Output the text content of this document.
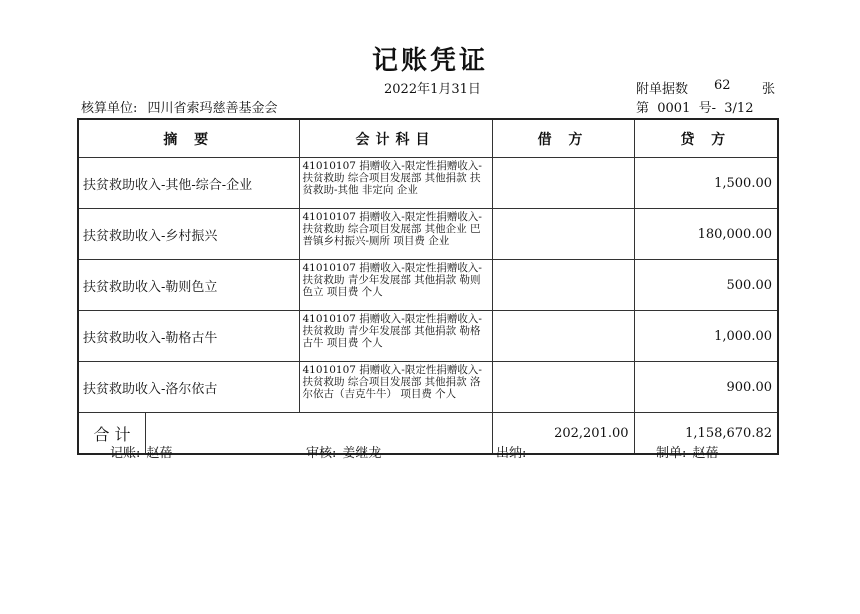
记账凭证
2022年1月31日	附单据数 62 张
核算单位: 四川省索玛慈善基金会	第  0001  号-  3/12
摘 要	会计科目	借 方	贷 方
扶贫救助收入-其他-综合-企业	41010107 捐赠收入-限定性捐赠收入-扶贫救助 综合项目发展部 其他捐款 扶贫救助-其他 非定向 企业		1,500.00
扶贫救助收入-乡村振兴	41010107 捐赠收入-限定性捐赠收入-扶贫救助 综合项目发展部 其他企业 巴普镇乡村振兴-厕所 项目费 企业		180,000.00
扶贫救助收入-勒则色立	41010107 捐赠收入-限定性捐赠收入-扶贫救助 青少年发展部 其他捐款 勒则色立 项目费 个人		500.00
扶贫救助收入-勒格古牛	41010107 捐赠收入-限定性捐赠收入-扶贫救助 青少年发展部 其他捐款 勒格古牛 项目费 个人		1,000.00
扶贫救助收入-洛尔依古	41010107 捐赠收入-限定性捐赠收入-扶贫救助 综合项目发展部 其他捐款 洛尔依古（吉克牛牛） 项目费 个人		900.00

合 计		202,201.00	1,158,670.82
记账: 赵蓓	审核: 姜继龙	出纳:	制单: 赵蓓
